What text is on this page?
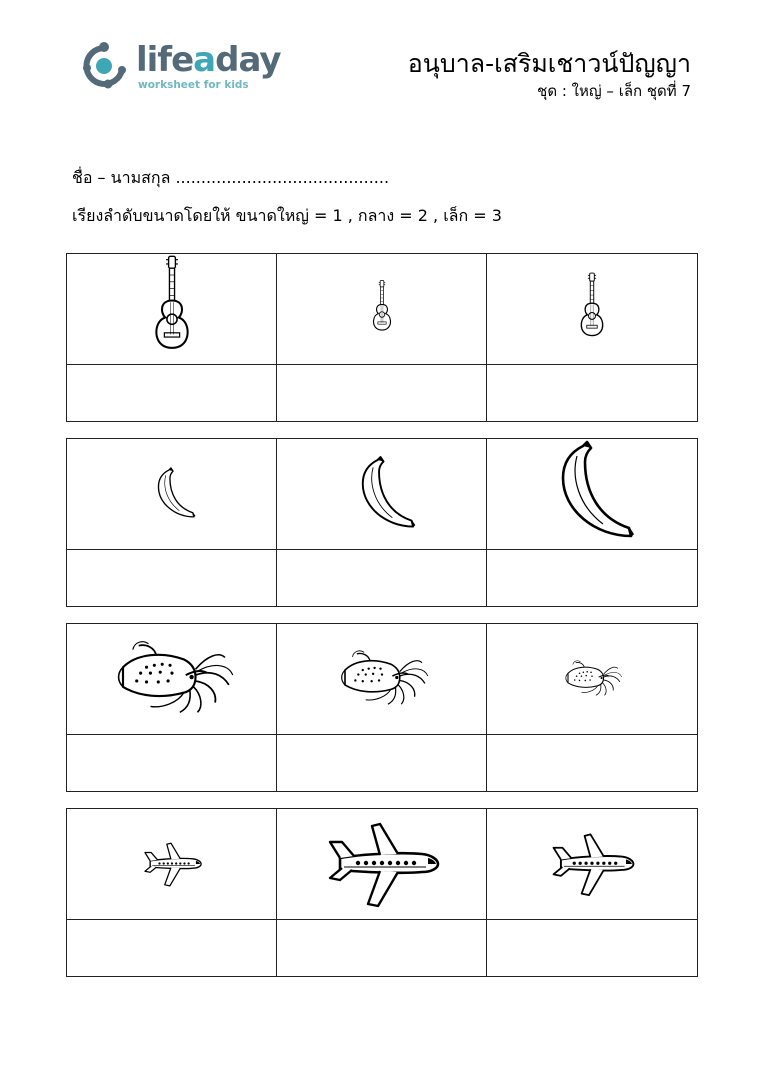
lifeaday
worksheet for kids
อนุบาล-เสริมเชาวน์ปัญญา
ชุด : ใหญ่ – เล็ก ชุดที่ 7
ชื่อ – นามสกุล ..........................................
เรียงลำดับขนาดโดยให้ ขนาดใหญ่ = 1 , กลาง = 2 , เล็ก = 3
